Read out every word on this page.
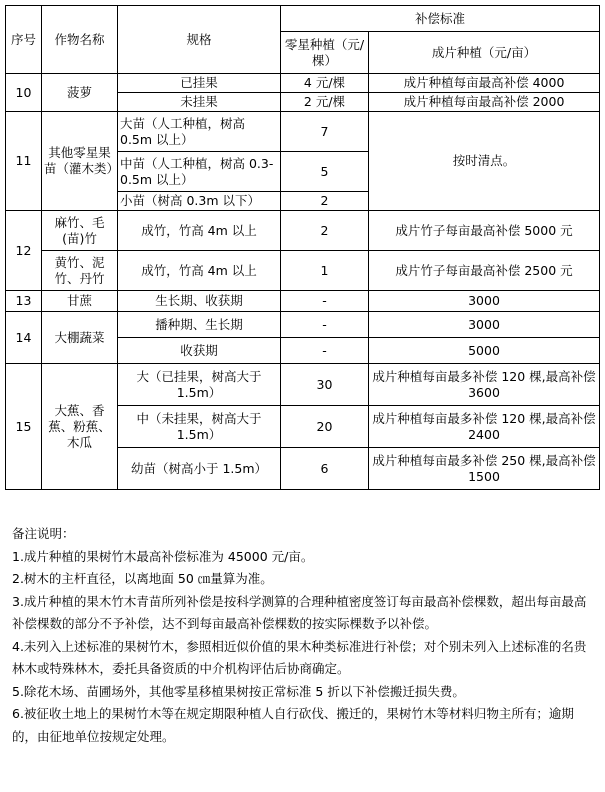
序号	作物名称	规格	补偿标准	
			零星种植（元/棵）	成片种植（元/亩）
10	菠萝	已挂果	4 元/棵	成片种植每亩最高补偿 4000
		未挂果	2 元/棵	成片种植每亩最高补偿 2000
11	其他零星果苗（灌木类）	大苗（人工种植，树高 0.5m 以上）	7	按时清点。
		中苗（人工种植，树高 0.3-0.5m 以上）	5	
		小苗（树高 0.3m 以下）	2	
12	麻竹、毛(苗)竹	成竹，竹高 4m 以上	2	成片竹子每亩最高补偿 5000 元
	黄竹、泥竹、丹竹	成竹，竹高 4m 以上	1	成片竹子每亩最高补偿 2500 元
13	甘蔗	生长期、收获期	-	3000
14	大棚蔬菜	播种期、生长期	-	3000
		收获期	-	5000
15	大蕉、香蕉、粉蕉、木瓜	大（已挂果，树高大于 1.5m）	30	成片种植每亩最多补偿 120 棵,最高补偿 3600
		中（未挂果，树高大于 1.5m）	20	成片种植每亩最多补偿 120 棵,最高补偿 2400
		幼苗（树高小于 1.5m）	6	成片种植每亩最多补偿 250 棵,最高补偿 1500

备注说明：

1.成片种植的果树竹木最高补偿标准为 45000 元/亩。

2.树木的主杆直径，以离地面 50 ㎝量算为准。

3.成片种植的果木竹木青苗所列补偿是按科学测算的合理种植密度签订每亩最高补偿棵数，超出每亩最高补偿棵数的部分不予补偿，达不到每亩最高补偿棵数的按实际棵数予以补偿。

4.未列入上述标准的果树竹木，参照相近似价值的果木种类标准进行补偿；对个别未列入上述标准的名贵林木或特殊林木，委托具备资质的中介机构评估后协商确定。

5.除花木场、苗圃场外，其他零星移植果树按正常标准 5 折以下补偿搬迁损失费。

6.被征收土地上的果树竹木等在规定期限种植人自行砍伐、搬迁的，果树竹木等材料归物主所有；逾期的，由征地单位按规定处理。
